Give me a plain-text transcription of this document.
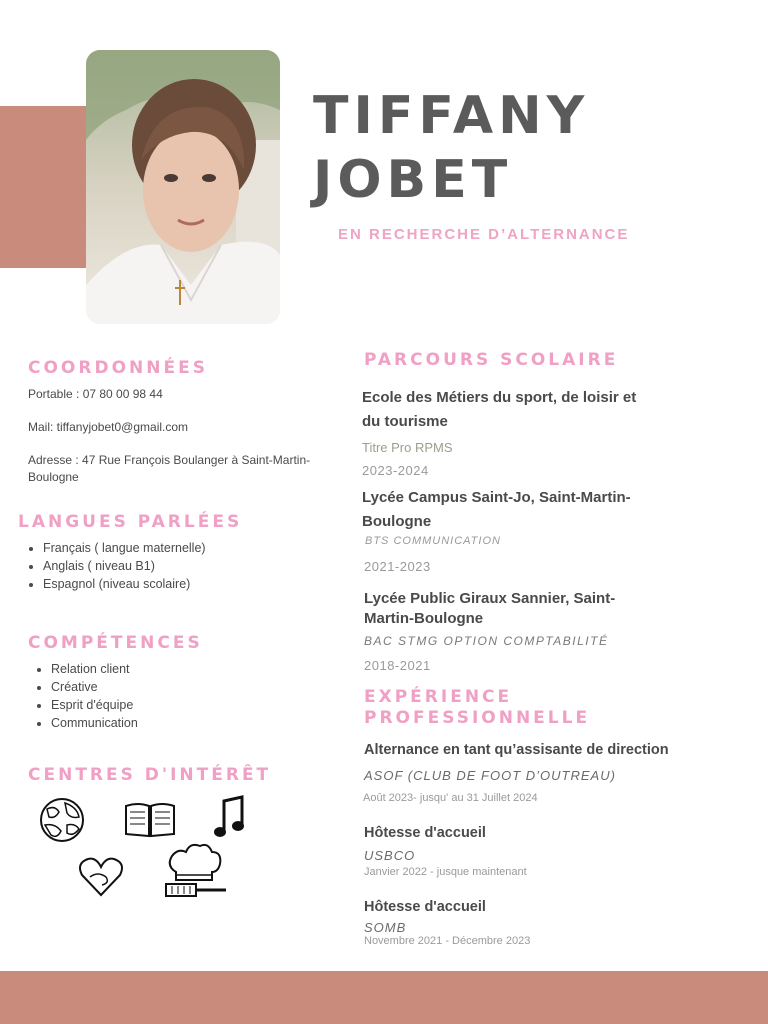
TIFFANY
JOBET
EN RECHERCHE D’ALTERNANCE
COORDONNÉES
Portable : 07 80 00 98 44
Mail: tiffanyjobet0@gmail.com
Adresse : 47 Rue François Boulanger à Saint-Martin-
Boulogne
LANGUES PARLÉES
• Français ( langue maternelle)
• Anglais ( niveau B1)
• Espagnol (niveau scolaire)
COMPÉTENCES
• Relation client
• Créative
• Esprit d'équipe
• Communication
CENTRES D'INTÉRÊT
PARCOURS SCOLAIRE
Ecole des Métiers du sport, de loisir et
du tourisme
Titre Pro RPMS
2023-2024
Lycée Campus Saint-Jo, Saint-Martin-
Boulogne
BTS COMMUNICATION
2021-2023
Lycée Public Giraux Sannier, Saint-
Martin-Boulogne
BAC STMG OPTION COMPTABILITÉ
2018-2021
EXPÉRIENCE
PROFESSIONNELLE
Alternance en tant qu’assisante de direction
ASOF (CLUB DE FOOT D’OUTREAU)
Août 2023- jusqu' au 31 Juillet 2024
Hôtesse d'accueil
USBCO
Janvier 2022 - jusque maintenant
Hôtesse d'accueil
SOMB
Novembre 2021 - Décembre 2023
